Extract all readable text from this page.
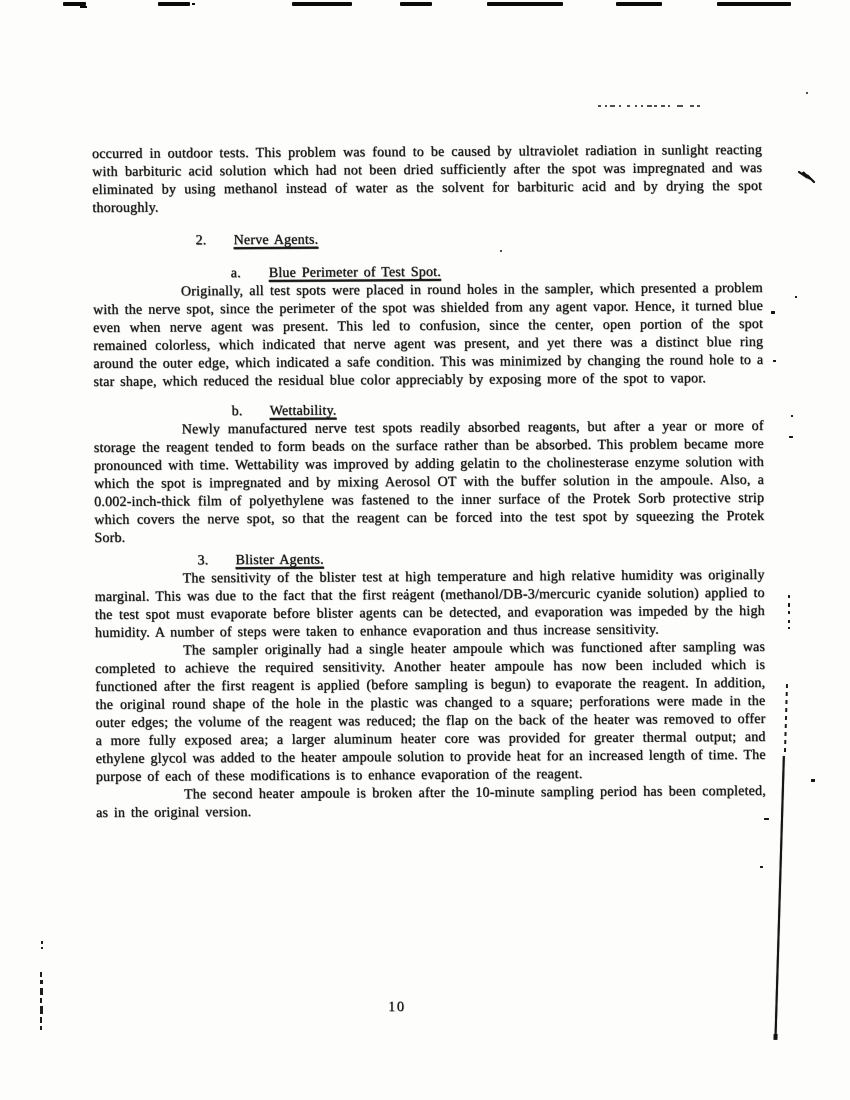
occurred in outdoor tests. This problem was found to be caused by ultraviolet radiation in sunlight reacting with barbituric acid solution which had not been dried sufficiently after the spot was impregnated and was eliminated by using methanol instead of water as the solvent for barbituric acid and by drying the spot thoroughly.

2. Nerve Agents.
a. Blue Perimeter of Test Spot.

Originally, all test spots were placed in round holes in the sampler, which presented a problem with the nerve spot, since the perimeter of the spot was shielded from any agent vapor. Hence, it turned blue even when nerve agent was present. This led to confusion, since the center, open portion of the spot remained colorless, which indicated that nerve agent was present, and yet there was a distinct blue ring around the outer edge, which indicated a safe condition. This was minimized by changing the round hole to a star shape, which reduced the residual blue color appreciably by exposing more of the spot to vapor.

b. Wettability.

Newly manufactured nerve test spots readily absorbed reagents, but after a year or more of storage the reagent tended to form beads on the surface rather than be absorbed. This problem became more pronounced with time. Wettability was improved by adding gelatin to the cholinesterase enzyme solution with which the spot is impregnated and by mixing Aerosol OT with the buffer solution in the ampoule. Also, a 0.002-inch-thick film of polyethylene was fastened to the inner surface of the Protek Sorb protective strip which covers the nerve spot, so that the reagent can be forced into the test spot by squeezing the Protek Sorb.

3. Blister Agents.

The sensitivity of the blister test at high temperature and high relative humidity was originally marginal. This was due to the fact that the first reagent (methanol/DB-3/mercuric cyanide solution) applied to the test spot must evaporate before blister agents can be detected, and evaporation was impeded by the high humidity. A number of steps were taken to enhance evaporation and thus increase sensitivity.

The sampler originally had a single heater ampoule which was functioned after sampling was completed to achieve the required sensitivity. Another heater ampoule has now been included which is functioned after the first reagent is applied (before sampling is begun) to evaporate the reagent. In addition, the original round shape of the hole in the plastic was changed to a square; perforations were made in the outer edges; the volume of the reagent was reduced; the flap on the back of the heater was removed to offer a more fully exposed area; a larger aluminum heater core was provided for greater thermal output; and ethylene glycol was added to the heater ampoule solution to provide heat for an increased length of time. The purpose of each of these modifications is to enhance evaporation of the reagent.

The second heater ampoule is broken after the 10-minute sampling period has been completed, as in the original version.

10
